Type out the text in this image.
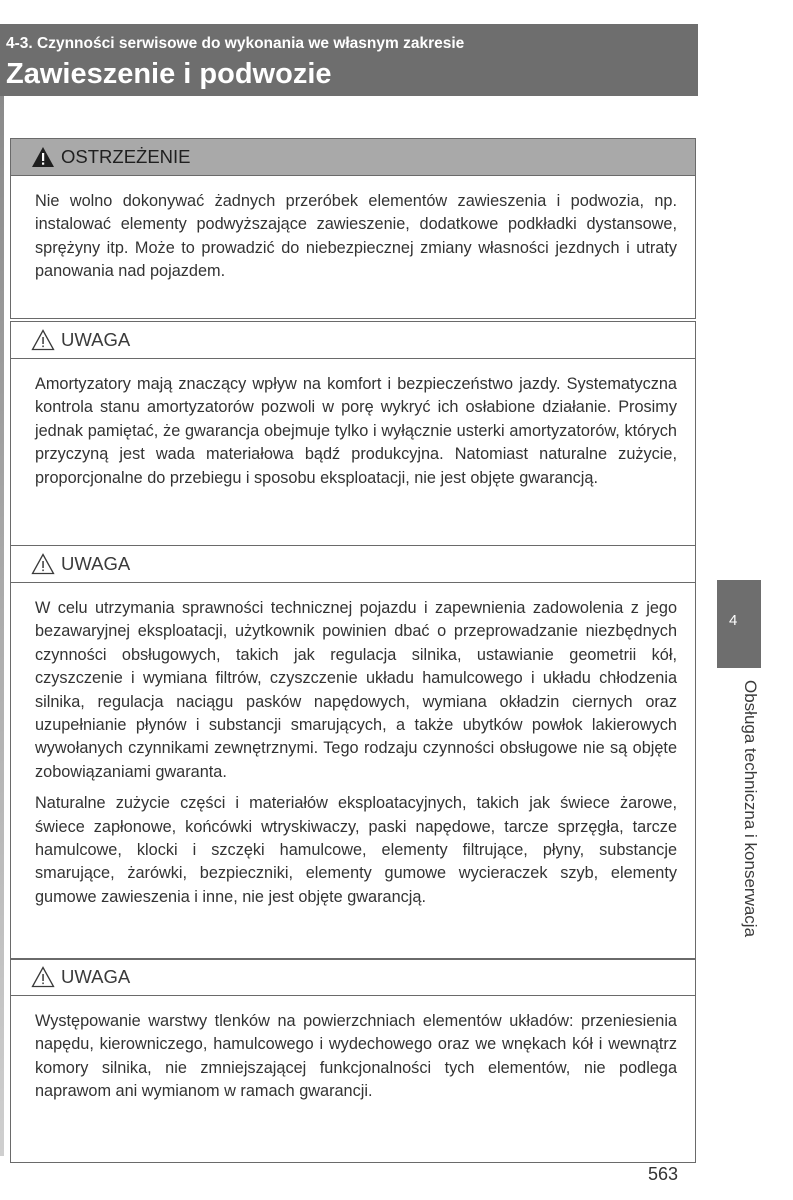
4-3. Czynności serwisowe do wykonania we własnym zakresie
Zawieszenie i podwozie
OSTRZEŻENIE

Nie wolno dokonywać żadnych przeróbek elementów zawieszenia i podwozia, np. instalować elementy podwyższające zawieszenie, dodatkowe podkładki dystansowe, sprężyny itp. Może to prowadzić do niebezpiecznej zmiany własności jezdnych i utraty panowania nad pojazdem.

UWAGA

Amortyzatory mają znaczący wpływ na komfort i bezpieczeństwo jazdy. Systematyczna kontrola stanu amortyzatorów pozwoli w porę wykryć ich osłabione działanie. Prosimy jednak pamiętać, że gwarancja obejmuje tylko i wyłącznie usterki amortyzatorów, których przyczyną jest wada materiałowa bądź produkcyjna. Natomiast naturalne zużycie, proporcjonalne do przebiegu i sposobu eksploatacji, nie jest objęte gwarancją.

UWAGA

W celu utrzymania sprawności technicznej pojazdu i zapewnienia zadowolenia z jego bezawaryjnej eksploatacji, użytkownik powinien dbać o przeprowadzanie niezbędnych czynności obsługowych, takich jak regulacja silnika, ustawianie geometrii kół, czyszczenie i wymiana filtrów, czyszczenie układu hamulcowego i układu chłodzenia silnika, regulacja naciągu pasków napędowych, wymiana okładzin ciernych oraz uzupełnianie płynów i substancji smarujących, a także ubytków powłok lakierowych wywołanych czynnikami zewnętrznymi. Tego rodzaju czynności obsługowe nie są objęte zobowiązaniami gwaranta.

Naturalne zużycie części i materiałów eksploatacyjnych, takich jak świece żarowe, świece zapłonowe, końcówki wtryskiwaczy, paski napędowe, tarcze sprzęgła, tarcze hamulcowe, klocki i szczęki hamulcowe, elementy filtrujące, płyny, substancje smarujące, żarówki, bezpieczniki, elementy gumowe wycieraczek szyb, elementy gumowe zawieszenia i inne, nie jest objęte gwarancją.

UWAGA

Występowanie warstwy tlenków na powierzchniach elementów układów: przeniesienia napędu, kierowniczego, hamulcowego i wydechowego oraz we wnękach kół i wewnątrz komory silnika, nie zmniejszającej funkcjonalności tych elementów, nie podlega naprawom ani wymianom w ramach gwarancji.

4
Obsługa techniczna i konserwacja
563
